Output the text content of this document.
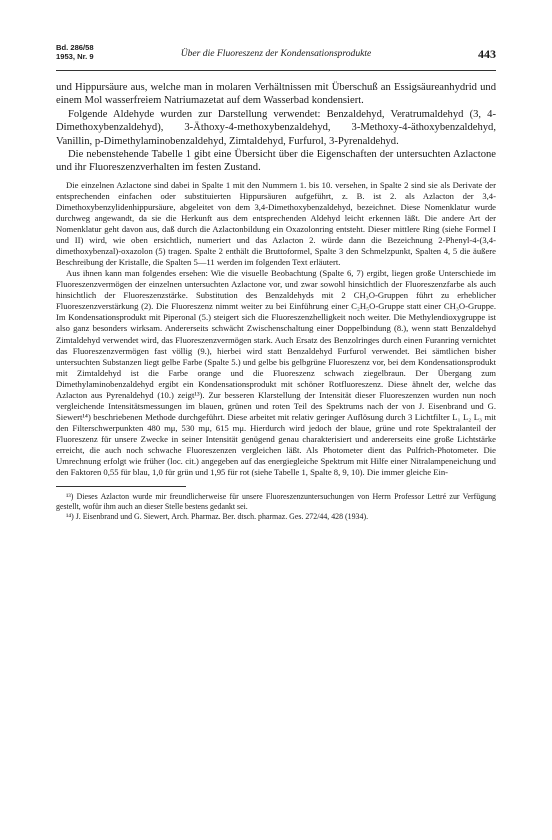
Bd. 286/58
1953, Nr. 9	Über die Fluoreszenz der Kondensationsprodukte	443

und Hippursäure aus, welche man in molaren Verhältnissen mit Überschuß an Essigsäureanhydrid und einem Mol wasserfreiem Natriumazetat auf dem Wasserbad kondensiert.

Folgende Aldehyde wurden zur Darstellung verwendet: Benzaldehyd, Veratrumaldehyd (3, 4-Dimethoxybenzaldehyd), 3-Äthoxy-4-methoxybenzaldehyd, 3-Methoxy-4-äthoxybenzaldehyd, Vanillin, p-Dimethylaminobenzaldehyd, Zimtaldehyd, Furfurol, 3-Pyrenaldehyd.

Die nebenstehende Tabelle 1 gibt eine Übersicht über die Eigenschaften der untersuchten Azlactone und ihr Fluoreszenzverhalten im festen Zustand.

Die einzelnen Azlactone sind dabei in Spalte 1 mit den Nummern 1. bis 10. versehen, in Spalte 2 sind sie als Derivate der entsprechenden einfachen oder substituierten Hippursäuren aufgeführt, z. B. ist 2. als Azlacton der 3,4-Dimethoxybenzylidenhippursäure, abgeleitet von dem 3,4-Dimethoxybenzaldehyd, bezeichnet. Diese Nomenklatur wurde durchweg angewandt, da sie die Herkunft aus dem entsprechenden Aldehyd leicht erkennen läßt. Die andere Art der Nomenklatur geht davon aus, daß durch die Azlactonbildung ein Oxazolonring entsteht. Dieser mittlere Ring (siehe Formel I und II) wird, wie oben ersichtlich, numeriert und das Azlacton 2. würde dann die Bezeichnung 2-Phenyl-4-(3,4-dimethoxybenzal)-oxazolon (5) tragen. Spalte 2 enthält die Bruttoformel, Spalte 3 den Schmelzpunkt, Spalten 4, 5 die äußere Beschreibung der Kristalle, die Spalten 5—11 werden im folgenden Text erläutert.

Aus ihnen kann man folgendes ersehen: Wie die visuelle Beobachtung (Spalte 6, 7) ergibt, liegen große Unterschiede im Fluoreszenzvermögen der einzelnen untersuchten Azlactone vor, und zwar sowohl hinsichtlich der Fluoreszenzfarbe als auch hinsichtlich der Fluoreszenzstärke. Substitution des Benzaldehyds mit 2 CH₃O-Gruppen führt zu erheblicher Fluoreszenzverstärkung (2). Die Fluoreszenz nimmt weiter zu bei Einführung einer C₂H₅O-Gruppe statt einer CH₃O-Gruppe. Im Kondensationsprodukt mit Piperonal (5.) steigert sich die Fluoreszenzhelligkeit noch weiter. Die Methylendioxygruppe ist also ganz besonders wirksam. Andererseits schwächt Zwischenschaltung einer Doppelbindung (8.), wenn statt Benzaldehyd Zimtaldehyd verwendet wird, das Fluoreszenzvermögen stark. Auch Ersatz des Benzolringes durch einen Furanring vernichtet das Fluoreszenzvermögen fast völlig (9.), hierbei wird statt Benzaldehyd Furfurol verwendet. Bei sämtlichen bisher untersuchten Substanzen liegt gelbe Farbe (Spalte 5.) und gelbe bis gelbgrüne Fluoreszenz vor, bei dem Kondensationsprodukt mit Zimtaldehyd ist die Farbe orange und die Fluoreszenz schwach ziegelbraun. Der Übergang zum Dimethylaminobenzaldehyd ergibt ein Kondensationsprodukt mit schöner Rotfluoreszenz. Diese ähnelt der, welche das Azlacton aus Pyrenaldehyd (10.) zeigt¹³). Zur besseren Klarstellung der Intensität dieser Fluoreszenzen wurden nun noch vergleichende Intensitätsmessungen im blauen, grünen und roten Teil des Spektrums nach der von J. Eisenbrand und G. Siewert¹⁴) beschriebenen Methode durchgeführt. Diese arbeitet mit relativ geringer Auflösung durch 3 Lichtfilter L₁ L₂ L₃ mit den Filterschwerpunkten 480 mμ, 530 mμ, 615 mμ. Hierdurch wird jedoch der blaue, grüne und rote Spektralanteil der Fluoreszenz für unsere Zwecke in seiner Intensität genügend genau charakterisiert und andererseits eine große Lichtstärke erreicht, die auch noch schwache Fluoreszenzen vergleichen läßt. Als Photometer dient das Pulfrich-Photometer. Die Umrechnung erfolgt wie früher (loc. cit.) angegeben auf das energiegleiche Spektrum mit Hilfe einer Nitralampeneichung und den Faktoren 0,55 für blau, 1,0 für grün und 1,95 für rot (siehe Tabelle 1, Spalte 8, 9, 10). Die immer gleiche Ein-

¹³) Dieses Azlacton wurde mir freundlicherweise für unsere Fluoreszenzuntersuchungen von Herrn Professor Lettré zur Verfügung gestellt, wofür ihm auch an dieser Stelle bestens gedankt sei.

¹⁴) J. Eisenbrand und G. Siewert, Arch. Pharmaz. Ber. dtsch. pharmaz. Ges. 272/44, 428 (1934).
